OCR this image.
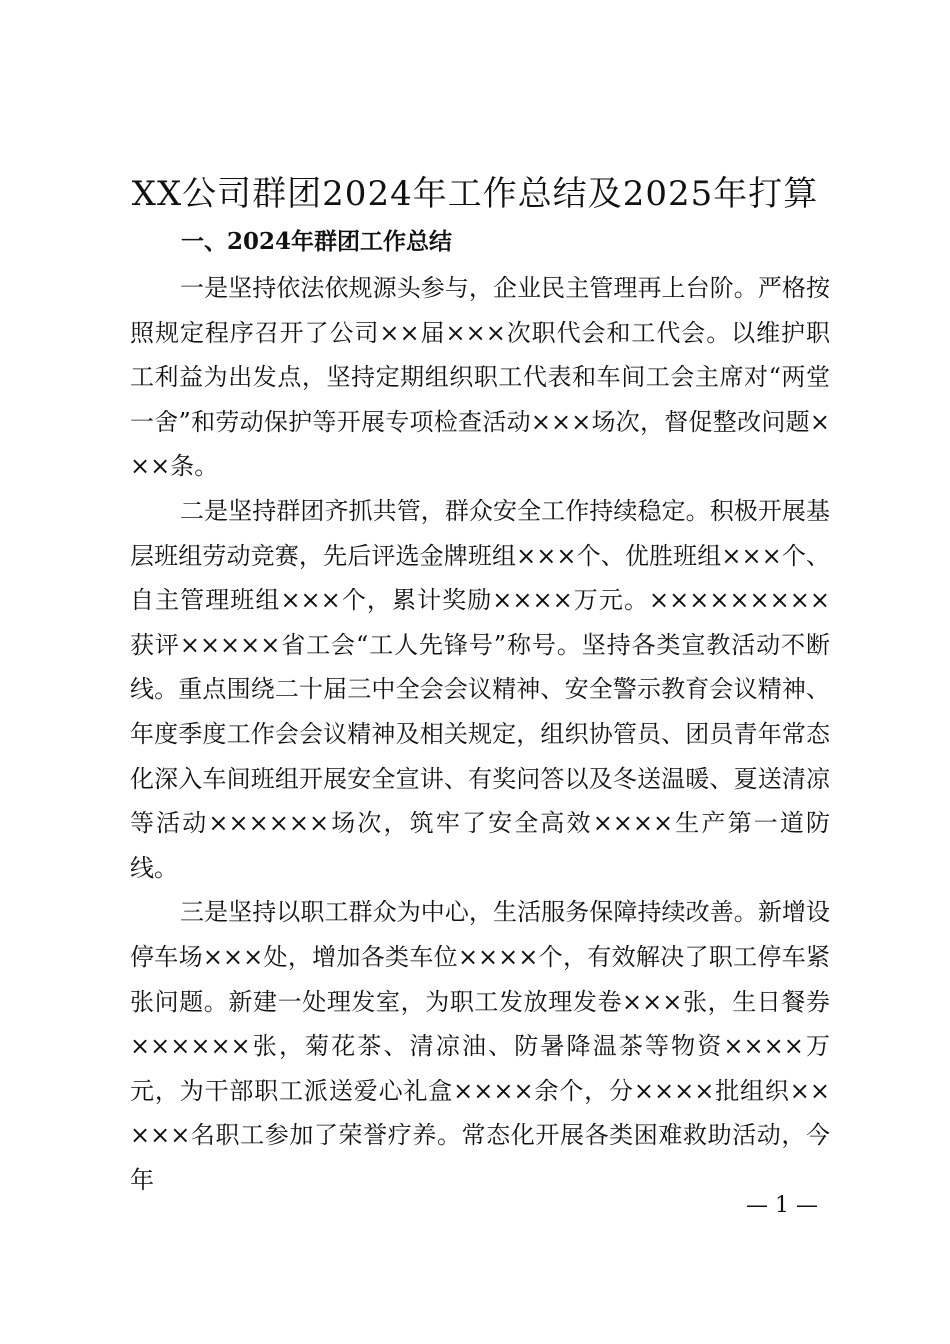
XX公司群团2024年工作总结及2025年打算
一、2024年群团工作总结

一是坚持依法依规源头参与，企业民主管理再上台阶。严格按照规定程序召开了公司××届×××次职代会和工代会。以维护职工利益为出发点，坚持定期组织职工代表和车间工会主席对“两堂一舍”和劳动保护等开展专项检查活动×××场次，督促整改问题×××条。

二是坚持群团齐抓共管，群众安全工作持续稳定。积极开展基层班组劳动竞赛，先后评选金牌班组×××个、优胜班组×××个、自主管理班组×××个，累计奖励××××万元。×××××××××获评×××××省工会“工人先锋号”称号。坚持各类宣教活动不断线。重点围绕二十届三中全会会议精神、安全警示教育会议精神、年度季度工作会会议精神及相关规定，组织协管员、团员青年常态化深入车间班组开展安全宣讲、有奖问答以及冬送温暖、夏送清凉等活动××××××场次，筑牢了安全高效××××生产第一道防线。

三是坚持以职工群众为中心，生活服务保障持续改善。新增设停车场×××处，增加各类车位××××个，有效解决了职工停车紧张问题。新建一处理发室，为职工发放理发卷×××张，生日餐券××××××张，菊花茶、清凉油、防暑降温茶等物资××××万元，为干部职工派送爱心礼盒××××余个，分××××批组织×××××名职工参加了荣誉疗养。常态化开展各类困难救助活动，今年

— 1 —
